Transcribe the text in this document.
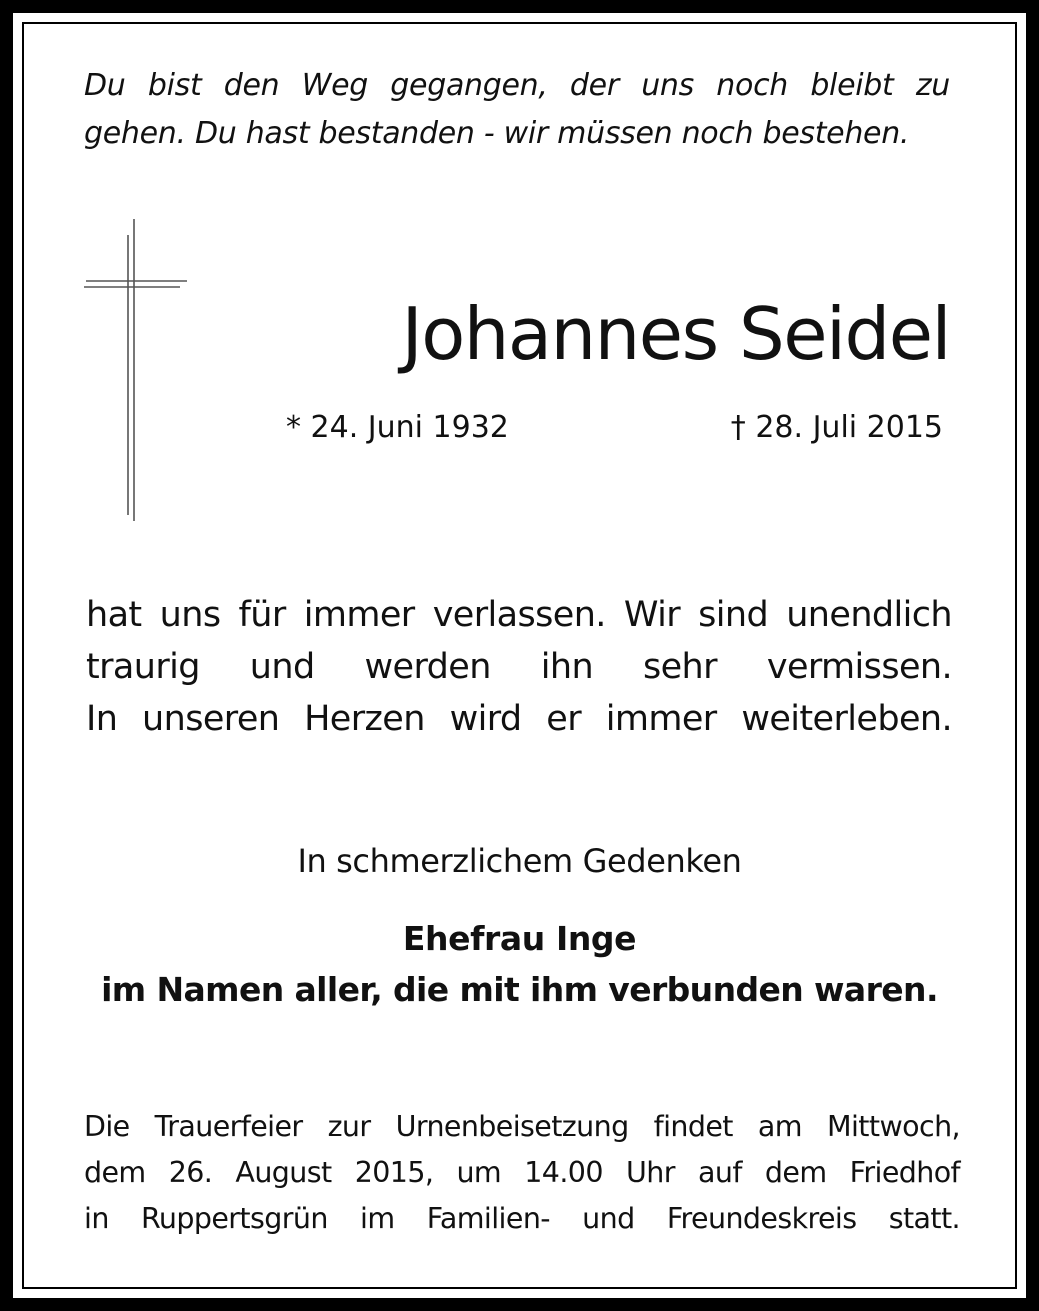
Du bist den Weg gegangen, der uns noch bleibt zu
gehen. Du hast bestanden - wir müssen noch bestehen.

Johannes Seidel
* 24. Juni 1932	† 28. Juli 2015

hat uns für immer verlassen. Wir sind unendlich
traurig und werden ihn sehr vermissen.
In unseren Herzen wird er immer weiterleben.

In schmerzlichem Gedenken
Ehefrau Inge
im Namen aller, die mit ihm verbunden waren.

Die Trauerfeier zur Urnenbeisetzung findet am Mittwoch,
dem 26. August 2015, um 14.00 Uhr auf dem Friedhof
in Ruppertsgrün im Familien- und Freundeskreis statt.
